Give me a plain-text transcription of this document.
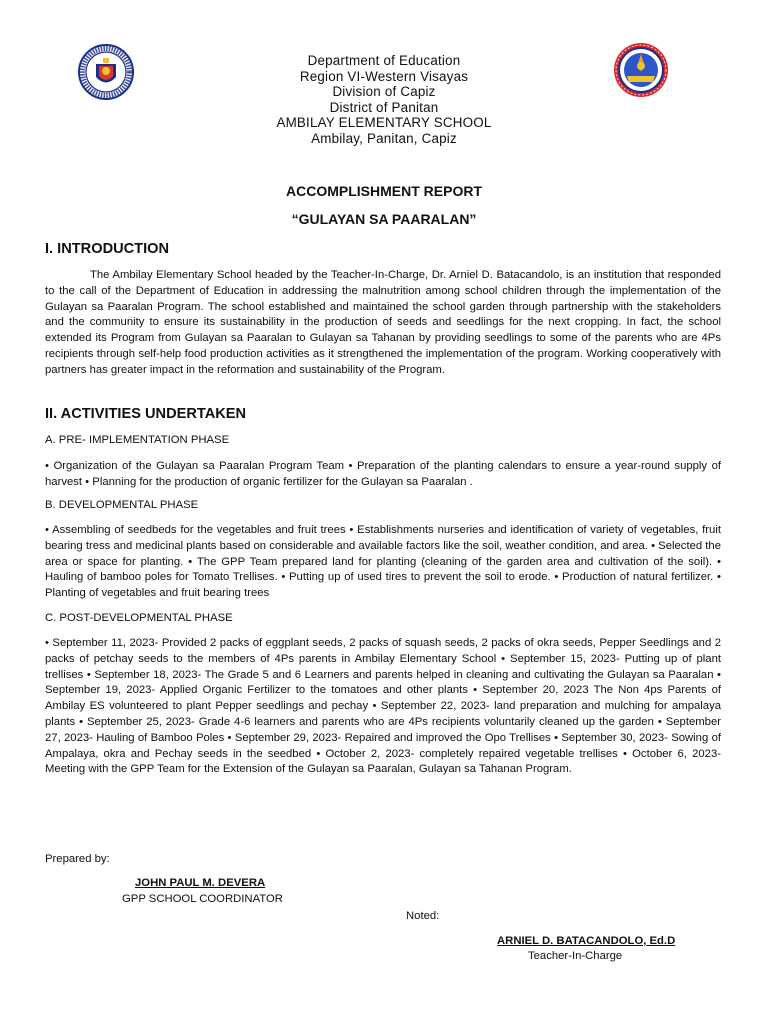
Department of Education
Region VI-Western Visayas
Division of Capiz
District of Panitan
AMBILAY ELEMENTARY SCHOOL
Ambilay, Panitan, Capiz
ACCOMPLISHMENT REPORT
“GULAYAN SA PAARALAN”
I. INTRODUCTION
The Ambilay Elementary School headed by the Teacher-In-Charge, Dr. Arniel D. Batacandolo, is an institution that responded to the call of the Department of Education in addressing the malnutrition among school children through the implementation of the Gulayan sa Paaralan Program. The school established and maintained the school garden through partnership with the stakeholders and the community to ensure its sustainability in the production of seeds and seedlings for the next cropping. In fact, the school extended its Program from Gulayan sa Paaralan to Gulayan sa Tahanan by providing seedlings to some of the parents who are 4Ps recipients through self-help food production activities as it strengthened the implementation of the program. Working cooperatively with partners has greater impact in the reformation and sustainability of the Program.
II. ACTIVITIES UNDERTAKEN
A. PRE- IMPLEMENTATION PHASE
• Organization of the Gulayan sa Paaralan Program Team • Preparation of the planting calendars to ensure a year-round supply of harvest • Planning for the production of organic fertilizer for the Gulayan sa Paaralan .
B. DEVELOPMENTAL PHASE
• Assembling of seedbeds for the vegetables and fruit trees • Establishments nurseries and identification of variety of vegetables, fruit bearing tress and medicinal plants based on considerable and available factors like the soil, weather condition, and area. • Selected the area or space for planting. • The GPP Team prepared land for planting (cleaning of the garden area and cultivation of the soil). • Hauling of bamboo poles for Tomato Trellises. • Putting up of used tires to prevent the soil to erode. • Production of natural fertilizer. • Planting of vegetables and fruit bearing trees
C. POST-DEVELOPMENTAL PHASE
• September 11, 2023- Provided 2 packs of eggplant seeds, 2 packs of squash seeds, 2 packs of okra seeds, Pepper Seedlings and 2 packs of petchay seeds to the members of 4Ps parents in Ambilay Elementary School • September 15, 2023- Putting up of plant trellises • September 18, 2023- The Grade 5 and 6 Learners and parents helped in cleaning and cultivating the Gulayan sa Paaralan • September 19, 2023- Applied Organic Fertilizer to the tomatoes and other plants • September 20, 2023 The Non 4ps Parents of Ambilay ES volunteered to plant Pepper seedlings and pechay • September 22, 2023- land preparation and mulching for ampalaya plants • September 25, 2023- Grade 4-6 learners and parents who are 4Ps recipients voluntarily cleaned up the garden • September 27, 2023- Hauling of Bamboo Poles • September 29, 2023- Repaired and improved the Opo Trellises • September 30, 2023- Sowing of Ampalaya, okra and Pechay seeds in the seedbed • October 2, 2023- completely repaired vegetable trellises • October 6, 2023- Meeting with the GPP Team for the Extension of the Gulayan sa Paaralan, Gulayan sa Tahanan Program.
Prepared by:
JOHN PAUL M. DEVERA
GPP SCHOOL COORDINATOR
Noted:
ARNIEL D. BATACANDOLO, Ed.D
Teacher-In-Charge
